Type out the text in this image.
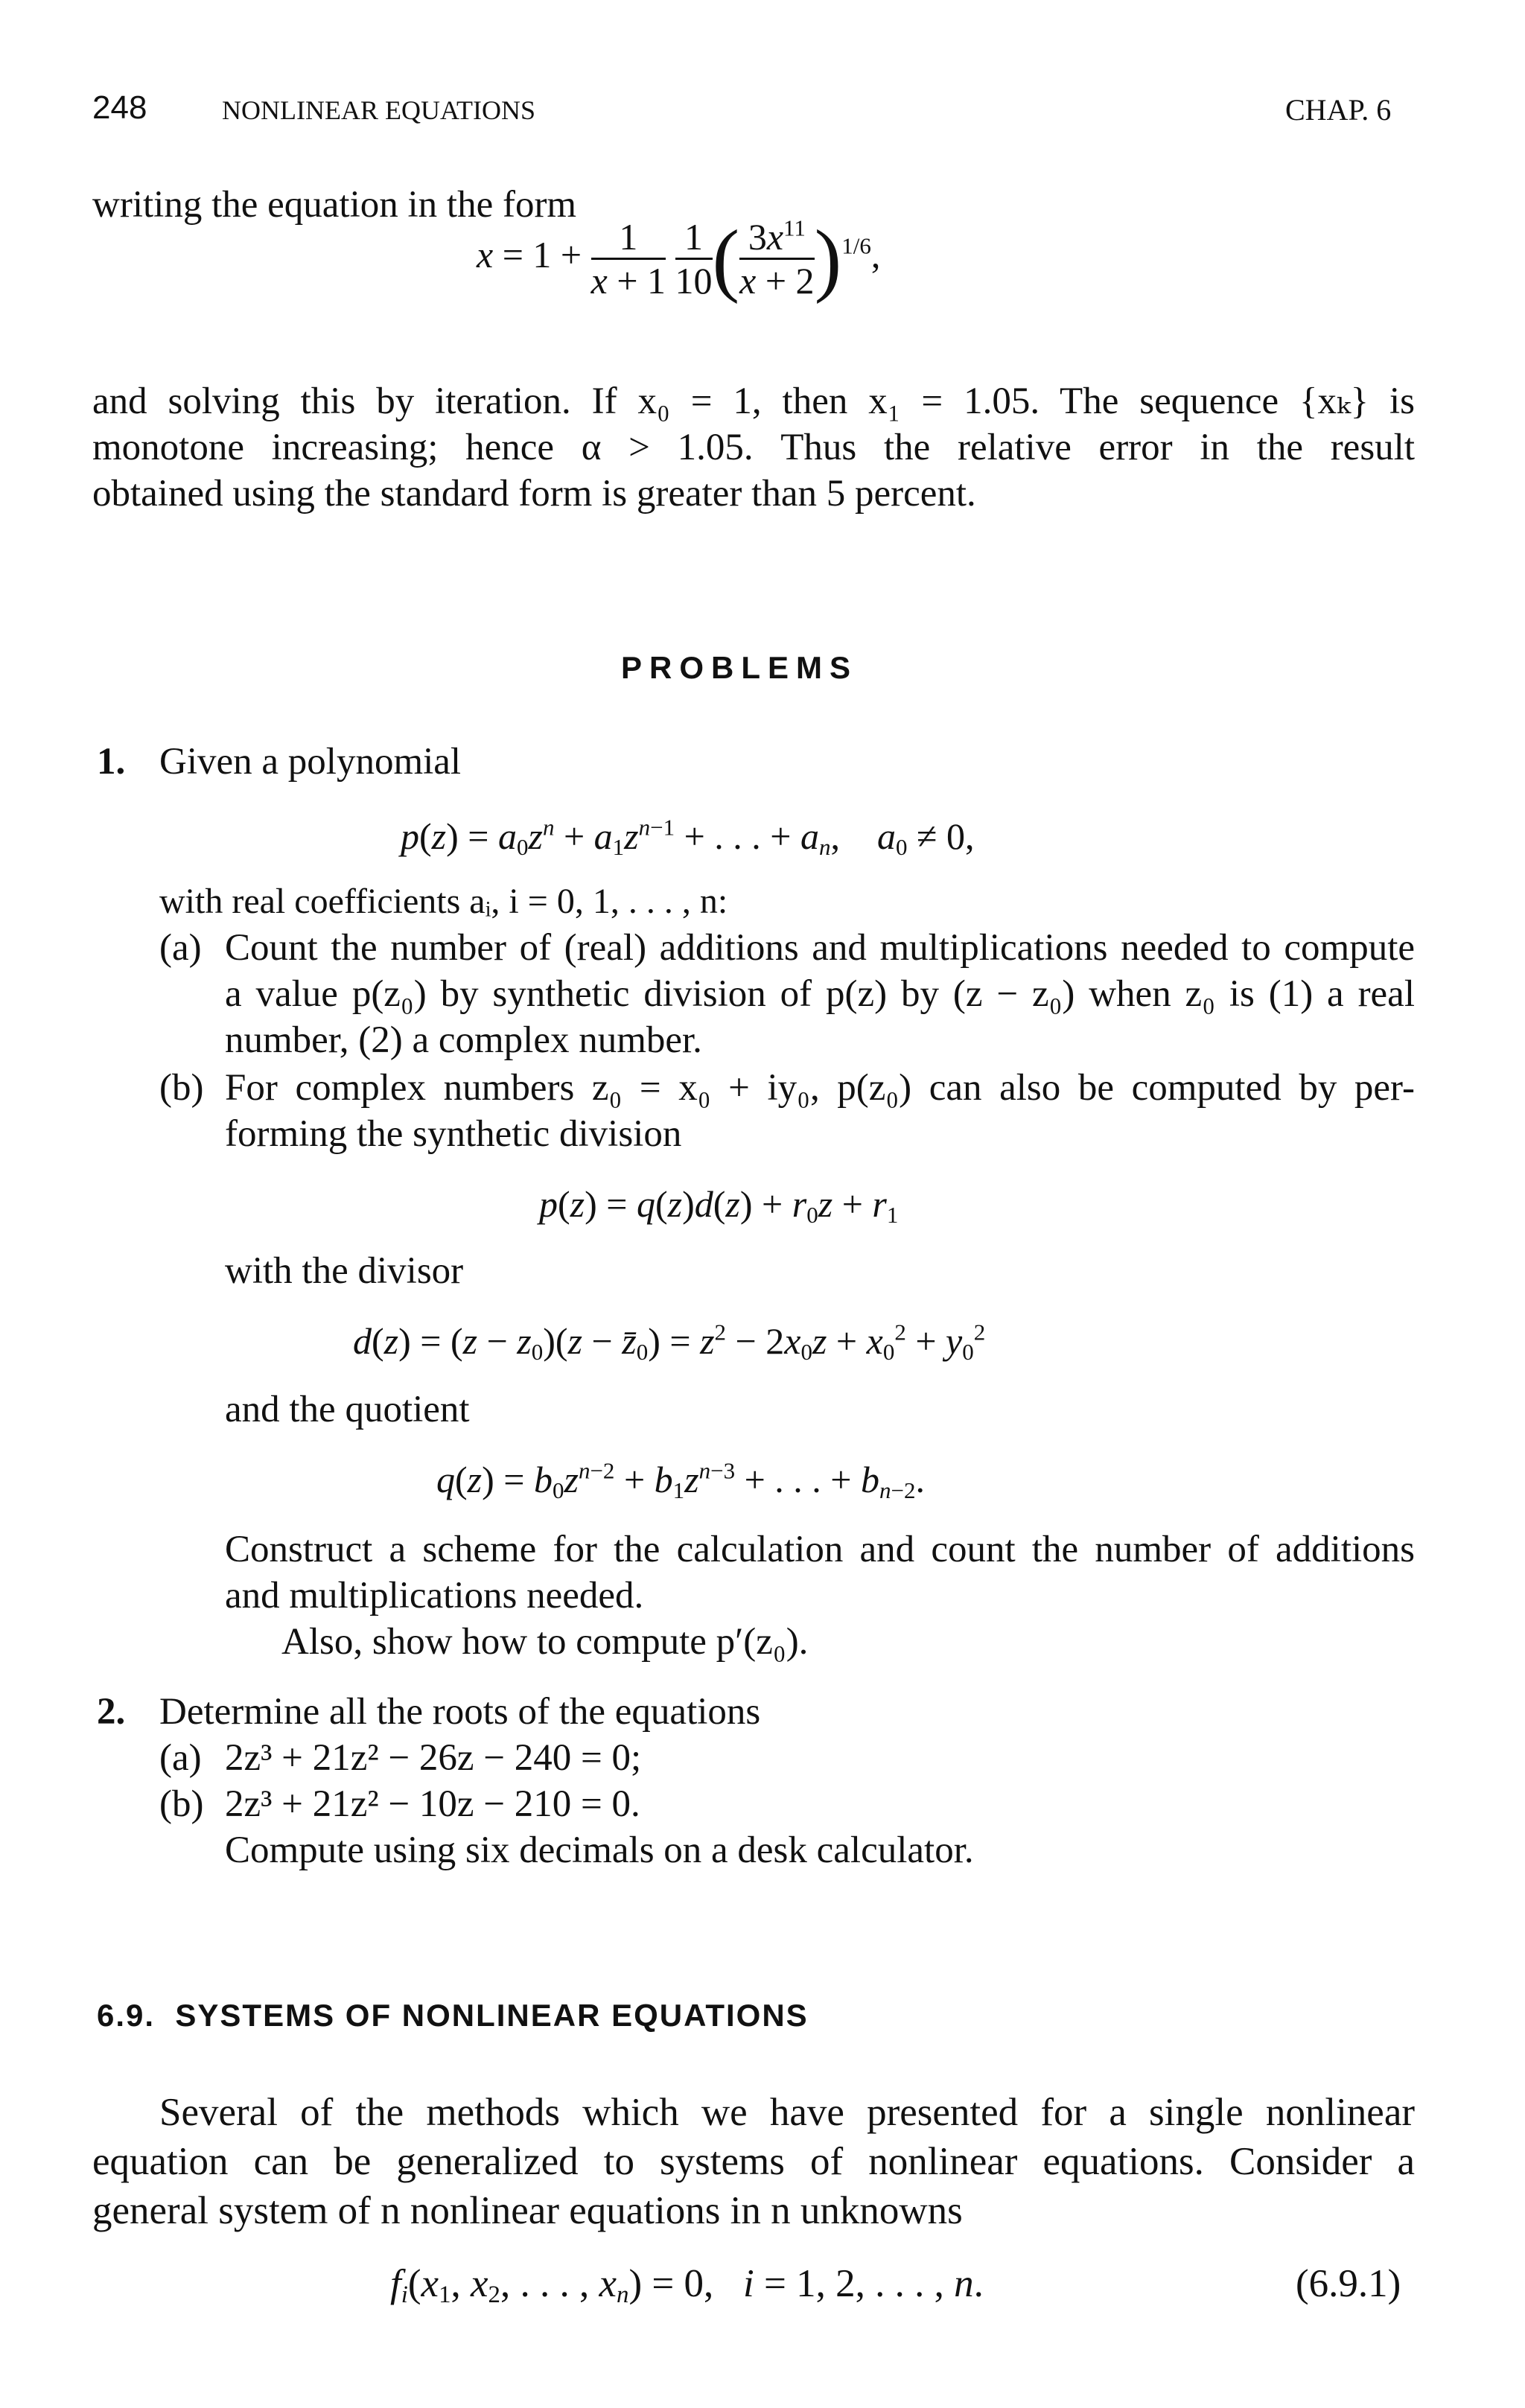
248	NONLINEAR EQUATIONS	CHAP. 6
writing the equation in the form
$x = 1 + \frac{1}{x + 1}$
$\frac{1}{10}$ ( $\frac{3x^{11}}{x + 2} )^{1/6}$,
and solving this by iteration. If x₀ = 1, then x₁ = 1.05. The sequence {xₖ} is
monotone increasing; hence α > 1.05. Thus the relative error in the result
obtained using the standard form is greater than 5 percent.
PROBLEMS
1. Given a polynomial
$p(z) = a_0z^n + a_1z^{n-1}$ + . . . + $a_n$,    $a_0 \ne 0$,
with real coefficients aᵢ, i = 0, 1, . . . , n:
(a) Count the number of (real) additions and multiplications needed to compute
a value p(z₀) by synthetic division of p(z) by (z − z₀) when z₀ is (1) a real
number, (2) a complex number.
(b) For complex numbers z₀ = x₀ + iy₀, p(z₀) can also be computed by per-
forming the synthetic division
$p(z) = q(z)d(z) + r_0z + r_1$
with the divisor
$d(z) = (z - z_0)(z$ − $z̄_0) = z^2 - 2x_0z + x_0^2 + y_0^2$
and the quotient
$q(z) = b_0z^{n-2} + b_1z^{n-3}$ + . . . + $b_{n-2}$.
Construct a scheme for the calculation and count the number of additions
and multiplications needed.
Also, show how to compute p′(z₀).
2. Determine all the roots of the equations
(a) 2z³ + 21z² − 26z − 240 = 0;
(b) 2z³ + 21z² − 10z − 210 = 0.
Compute using six decimals on a desk calculator.
6.9.  SYSTEMS OF NONLINEAR EQUATIONS
Several of the methods which we have presented for a single nonlinear
equation can be generalized to systems of nonlinear equations. Consider a
general system of n nonlinear equations in n unknowns
$f_i(x_1$, $x_2$, . . . , $x_n) = 0$,   i = 1, 2, . . . , n.	(6.9.1)
